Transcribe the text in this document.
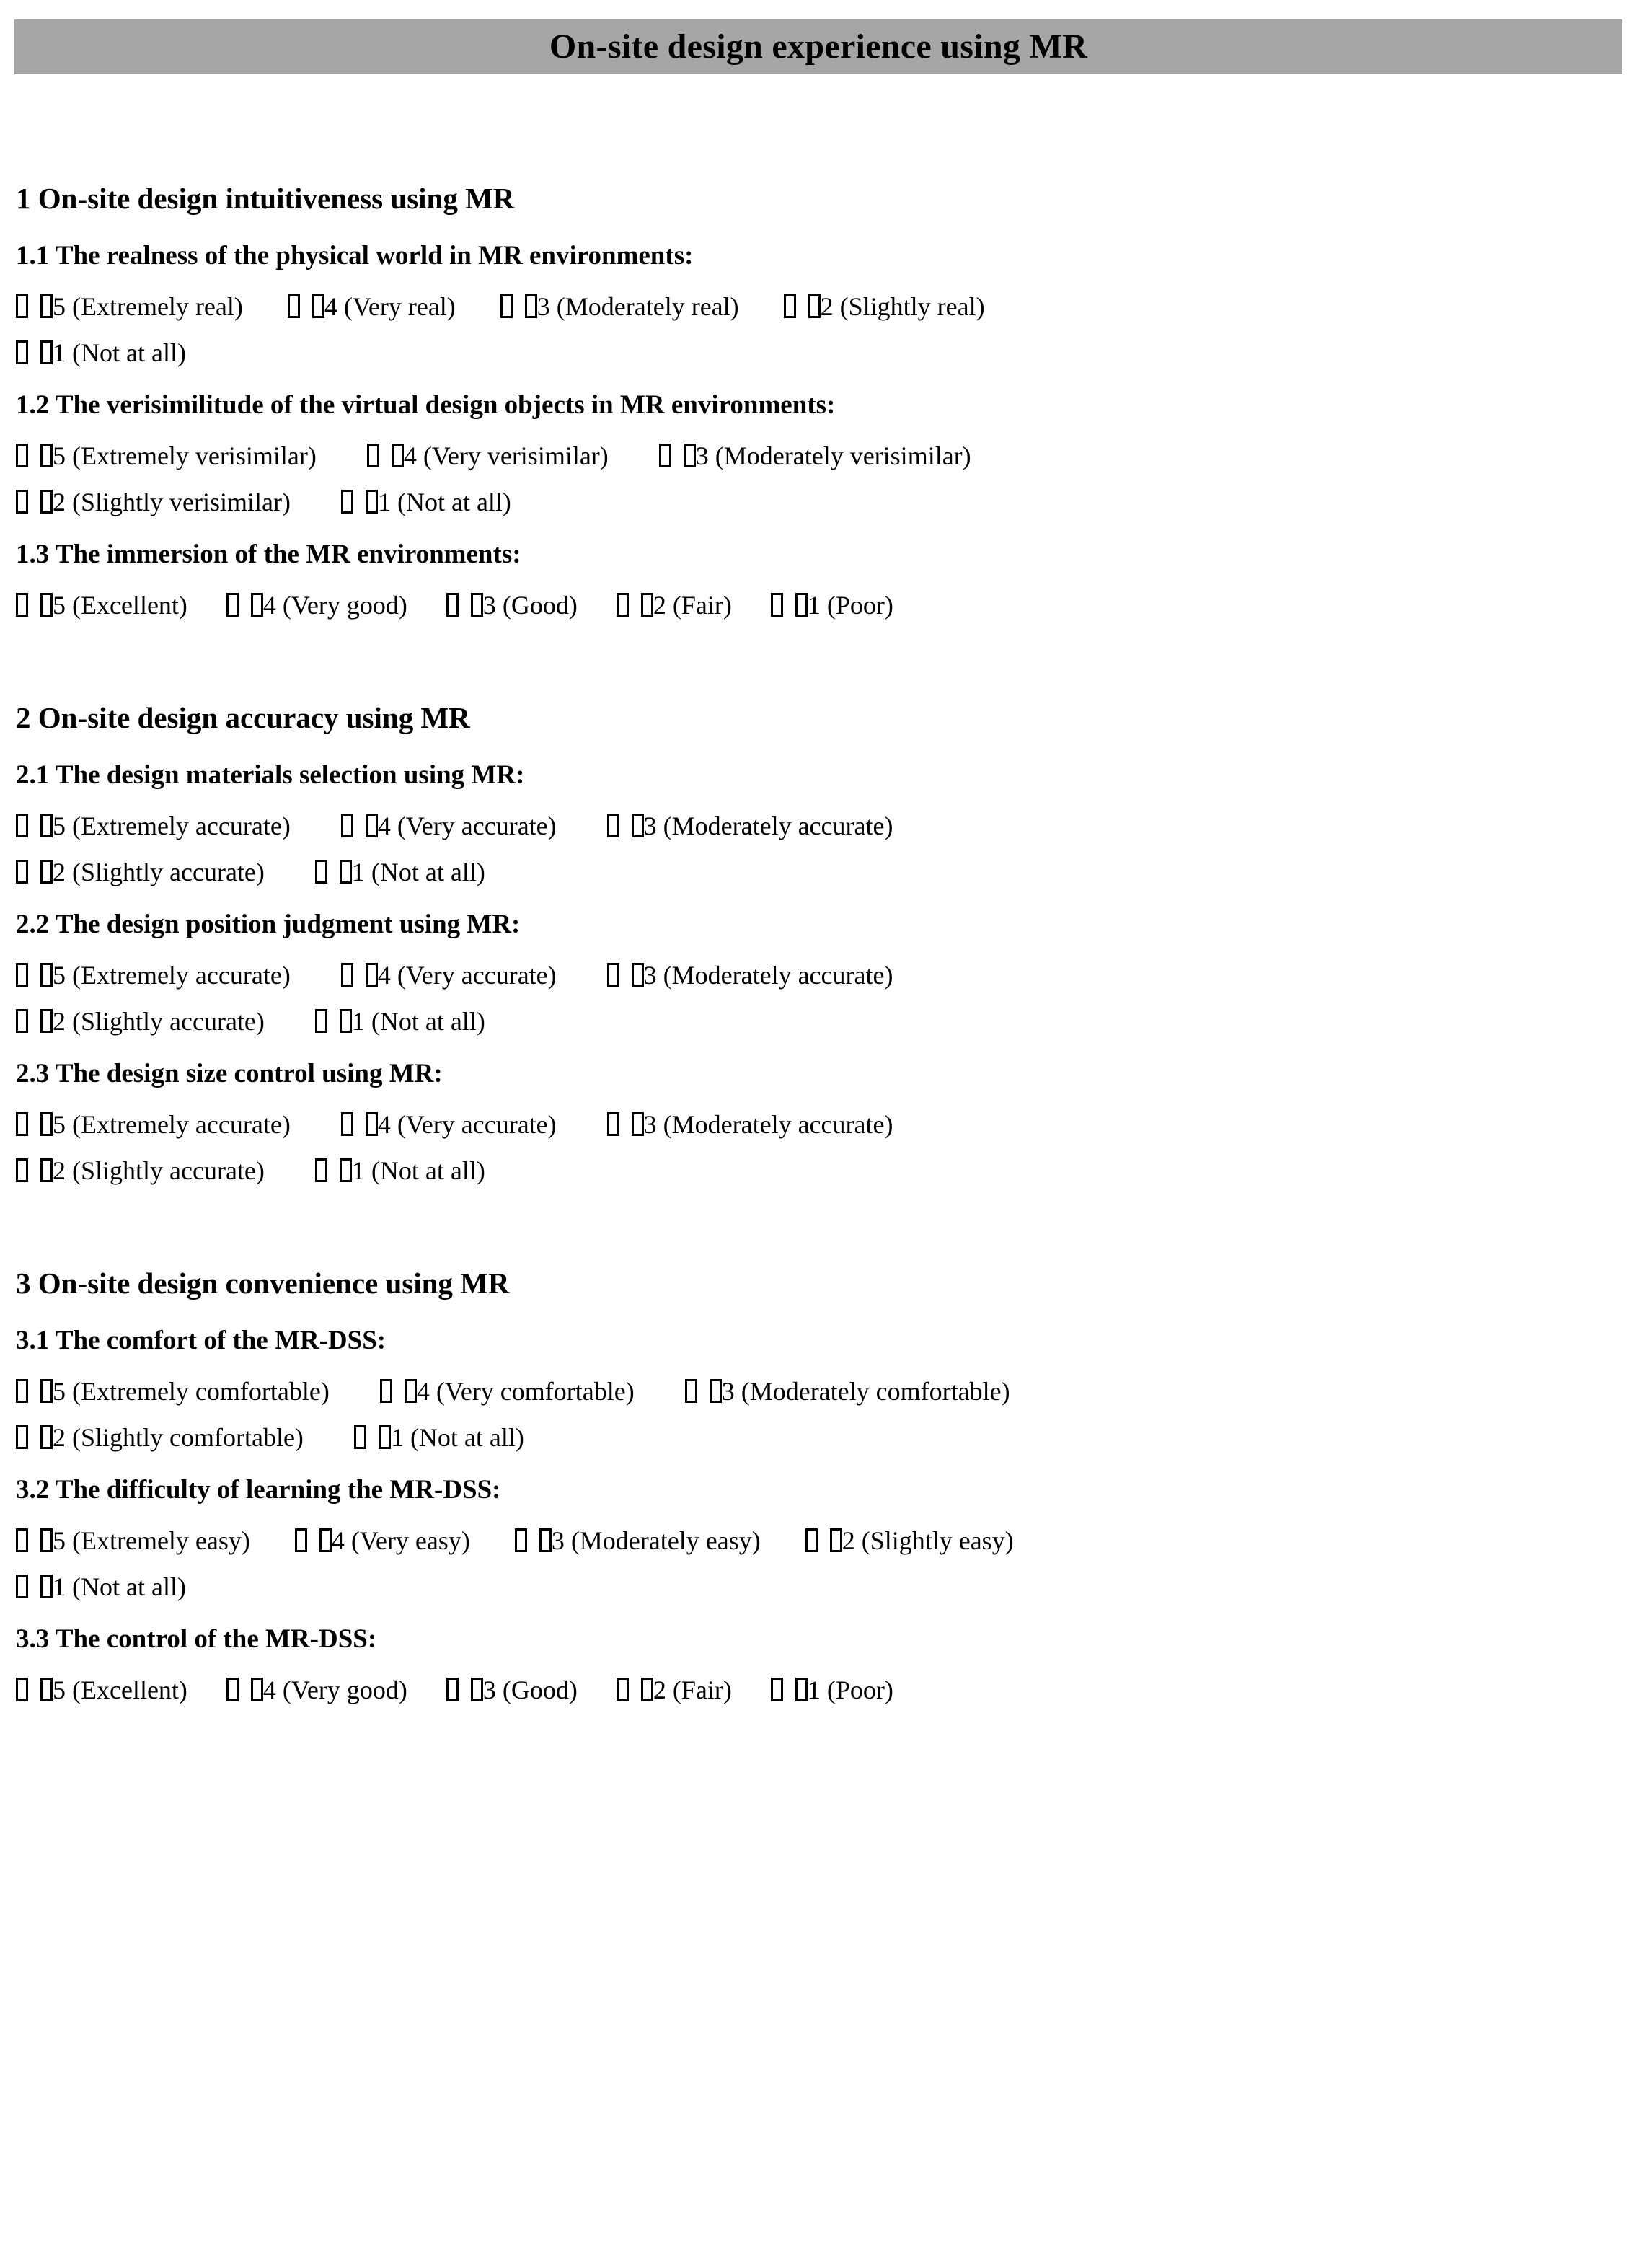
On-site design experience using MR
1 On-site design intuitiveness using MR
1.1 The realness of the physical world in MR environments:
5 (Extremely real)	4 (Very real)	3 (Moderately real)	2 (Slightly real)
1 (Not at all)
1.2 The verisimilitude of the virtual design objects in MR environments:
5 (Extremely verisimilar)	4 (Very verisimilar)	3 (Moderately verisimilar)
2 (Slightly verisimilar)	1 (Not at all)
1.3 The immersion of the MR environments:
5 (Excellent)	4 (Very good)	3 (Good)	2 (Fair)	1 (Poor)
2 On-site design accuracy using MR
2.1 The design materials selection using MR:
5 (Extremely accurate)	4 (Very accurate)	3 (Moderately accurate)
2 (Slightly accurate)	1 (Not at all)
2.2 The design position judgment using MR:
5 (Extremely accurate)	4 (Very accurate)	3 (Moderately accurate)
2 (Slightly accurate)	1 (Not at all)
2.3 The design size control using MR:
5 (Extremely accurate)	4 (Very accurate)	3 (Moderately accurate)
2 (Slightly accurate)	1 (Not at all)
3 On-site design convenience using MR
3.1 The comfort of the MR-DSS:
5 (Extremely comfortable)	4 (Very comfortable)	3 (Moderately comfortable)
2 (Slightly comfortable)	1 (Not at all)
3.2 The difficulty of learning the MR-DSS:
5 (Extremely easy)	4 (Very easy)	3 (Moderately easy)	2 (Slightly easy)
1 (Not at all)
3.3 The control of the MR-DSS:
5 (Excellent)	4 (Very good)	3 (Good)	2 (Fair)	1 (Poor)
